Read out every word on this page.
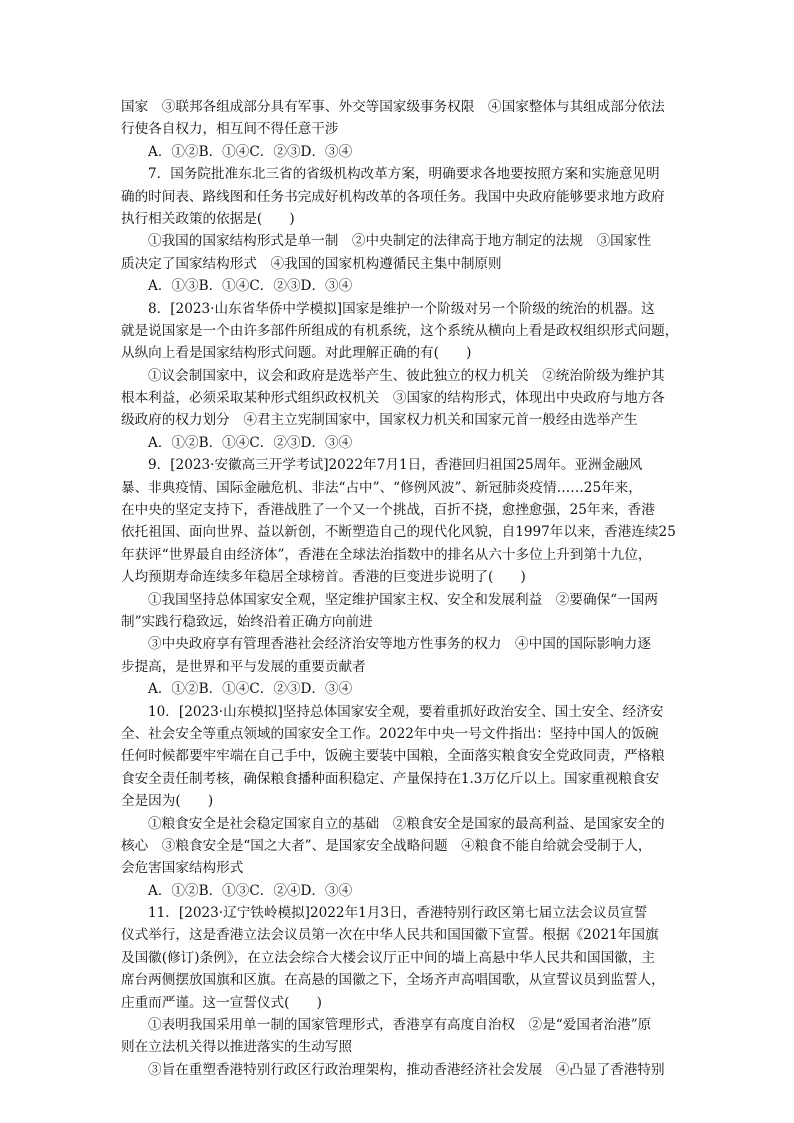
国家　③联邦各组成部分具有军事、外交等国家级事务权限　④国家整体与其组成部分依法
行使各自权力，相互间不得任意干涉
A．①②B．①④C．②③D．③④
7．国务院批准东北三省的省级机构改革方案，明确要求各地要按照方案和实施意见明
确的时间表、路线图和任务书完成好机构改革的各项任务。我国中央政府能够要求地方政府
执行相关政策的依据是(　　)
①我国的国家结构形式是单一制　②中央制定的法律高于地方制定的法规　③国家性
质决定了国家结构形式　④我国的国家机构遵循民主集中制原则
A．①③B．①④C．②③D．③④
8．[2023·山东省华侨中学模拟]国家是维护一个阶级对另一个阶级的统治的机器。这
就是说国家是一个由许多部件所组成的有机系统，这个系统从横向上看是政权组织形式问题，
从纵向上看是国家结构形式问题。对此理解正确的有(　　)
①议会制国家中，议会和政府是选举产生、彼此独立的权力机关　②统治阶级为维护其
根本利益，必须采取某种形式组织政权机关　③国家的结构形式，体现出中央政府与地方各
级政府的权力划分　④君主立宪制国家中，国家权力机关和国家元首一般经由选举产生
A．①②B．①④C．②③D．③④
9．[2023·安徽高三开学考试]2022年7月1日，香港回归祖国25周年。亚洲金融风
暴、非典疫情、国际金融危机、非法“占中”、“修例风波”、新冠肺炎疫情……25年来，
在中央的坚定支持下，香港战胜了一个又一个挑战，百折不挠，愈挫愈强，25年来，香港
依托祖国、面向世界、益以新创，不断塑造自己的现代化风貌，自1997年以来，香港连续25
年获评“世界最自由经济体”，香港在全球法治指数中的排名从六十多位上升到第十九位，
人均预期寿命连续多年稳居全球榜首。香港的巨变进步说明了(　　)
①我国坚持总体国家安全观，坚定维护国家主权、安全和发展利益　②要确保“一国两
制”实践行稳致远，始终沿着正确方向前进
③中央政府享有管理香港社会经济治安等地方性事务的权力　④中国的国际影响力逐
步提高，是世界和平与发展的重要贡献者
A．①②B．①④C．②③D．③④
10．[2023·山东模拟]坚持总体国家安全观，要着重抓好政治安全、国土安全、经济安
全、社会安全等重点领域的国家安全工作。2022年中央一号文件指出：坚持中国人的饭碗
任何时候都要牢牢端在自己手中，饭碗主要装中国粮，全面落实粮食安全党政同责，严格粮
食安全责任制考核，确保粮食播种面积稳定、产量保持在1.3万亿斤以上。国家重视粮食安
全是因为(　　)
①粮食安全是社会稳定国家自立的基础　②粮食安全是国家的最高利益、是国家安全的
核心　③粮食安全是“国之大者”、是国家安全战略问题　④粮食不能自给就会受制于人，
会危害国家结构形式
A．①②B．①③C．②④D．③④
11．[2023·辽宁铁岭模拟]2022年1月3日，香港特别行政区第七届立法会议员宣誓
仪式举行，这是香港立法会议员第一次在中华人民共和国国徽下宣誓。根据《2021年国旗
及国徽(修订)条例》，在立法会综合大楼会议厅正中间的墙上高悬中华人民共和国国徽，主
席台两侧摆放国旗和区旗。在高悬的国徽之下，全场齐声高唱国歌，从宣誓议员到监誓人，
庄重而严谨。这一宣誓仪式(　　)
①表明我国采用单一制的国家管理形式，香港享有高度自治权　②是“爱国者治港”原
则在立法机关得以推进落实的生动写照
③旨在重塑香港特别行政区行政治理架构，推动香港经济社会发展　④凸显了香港特别
